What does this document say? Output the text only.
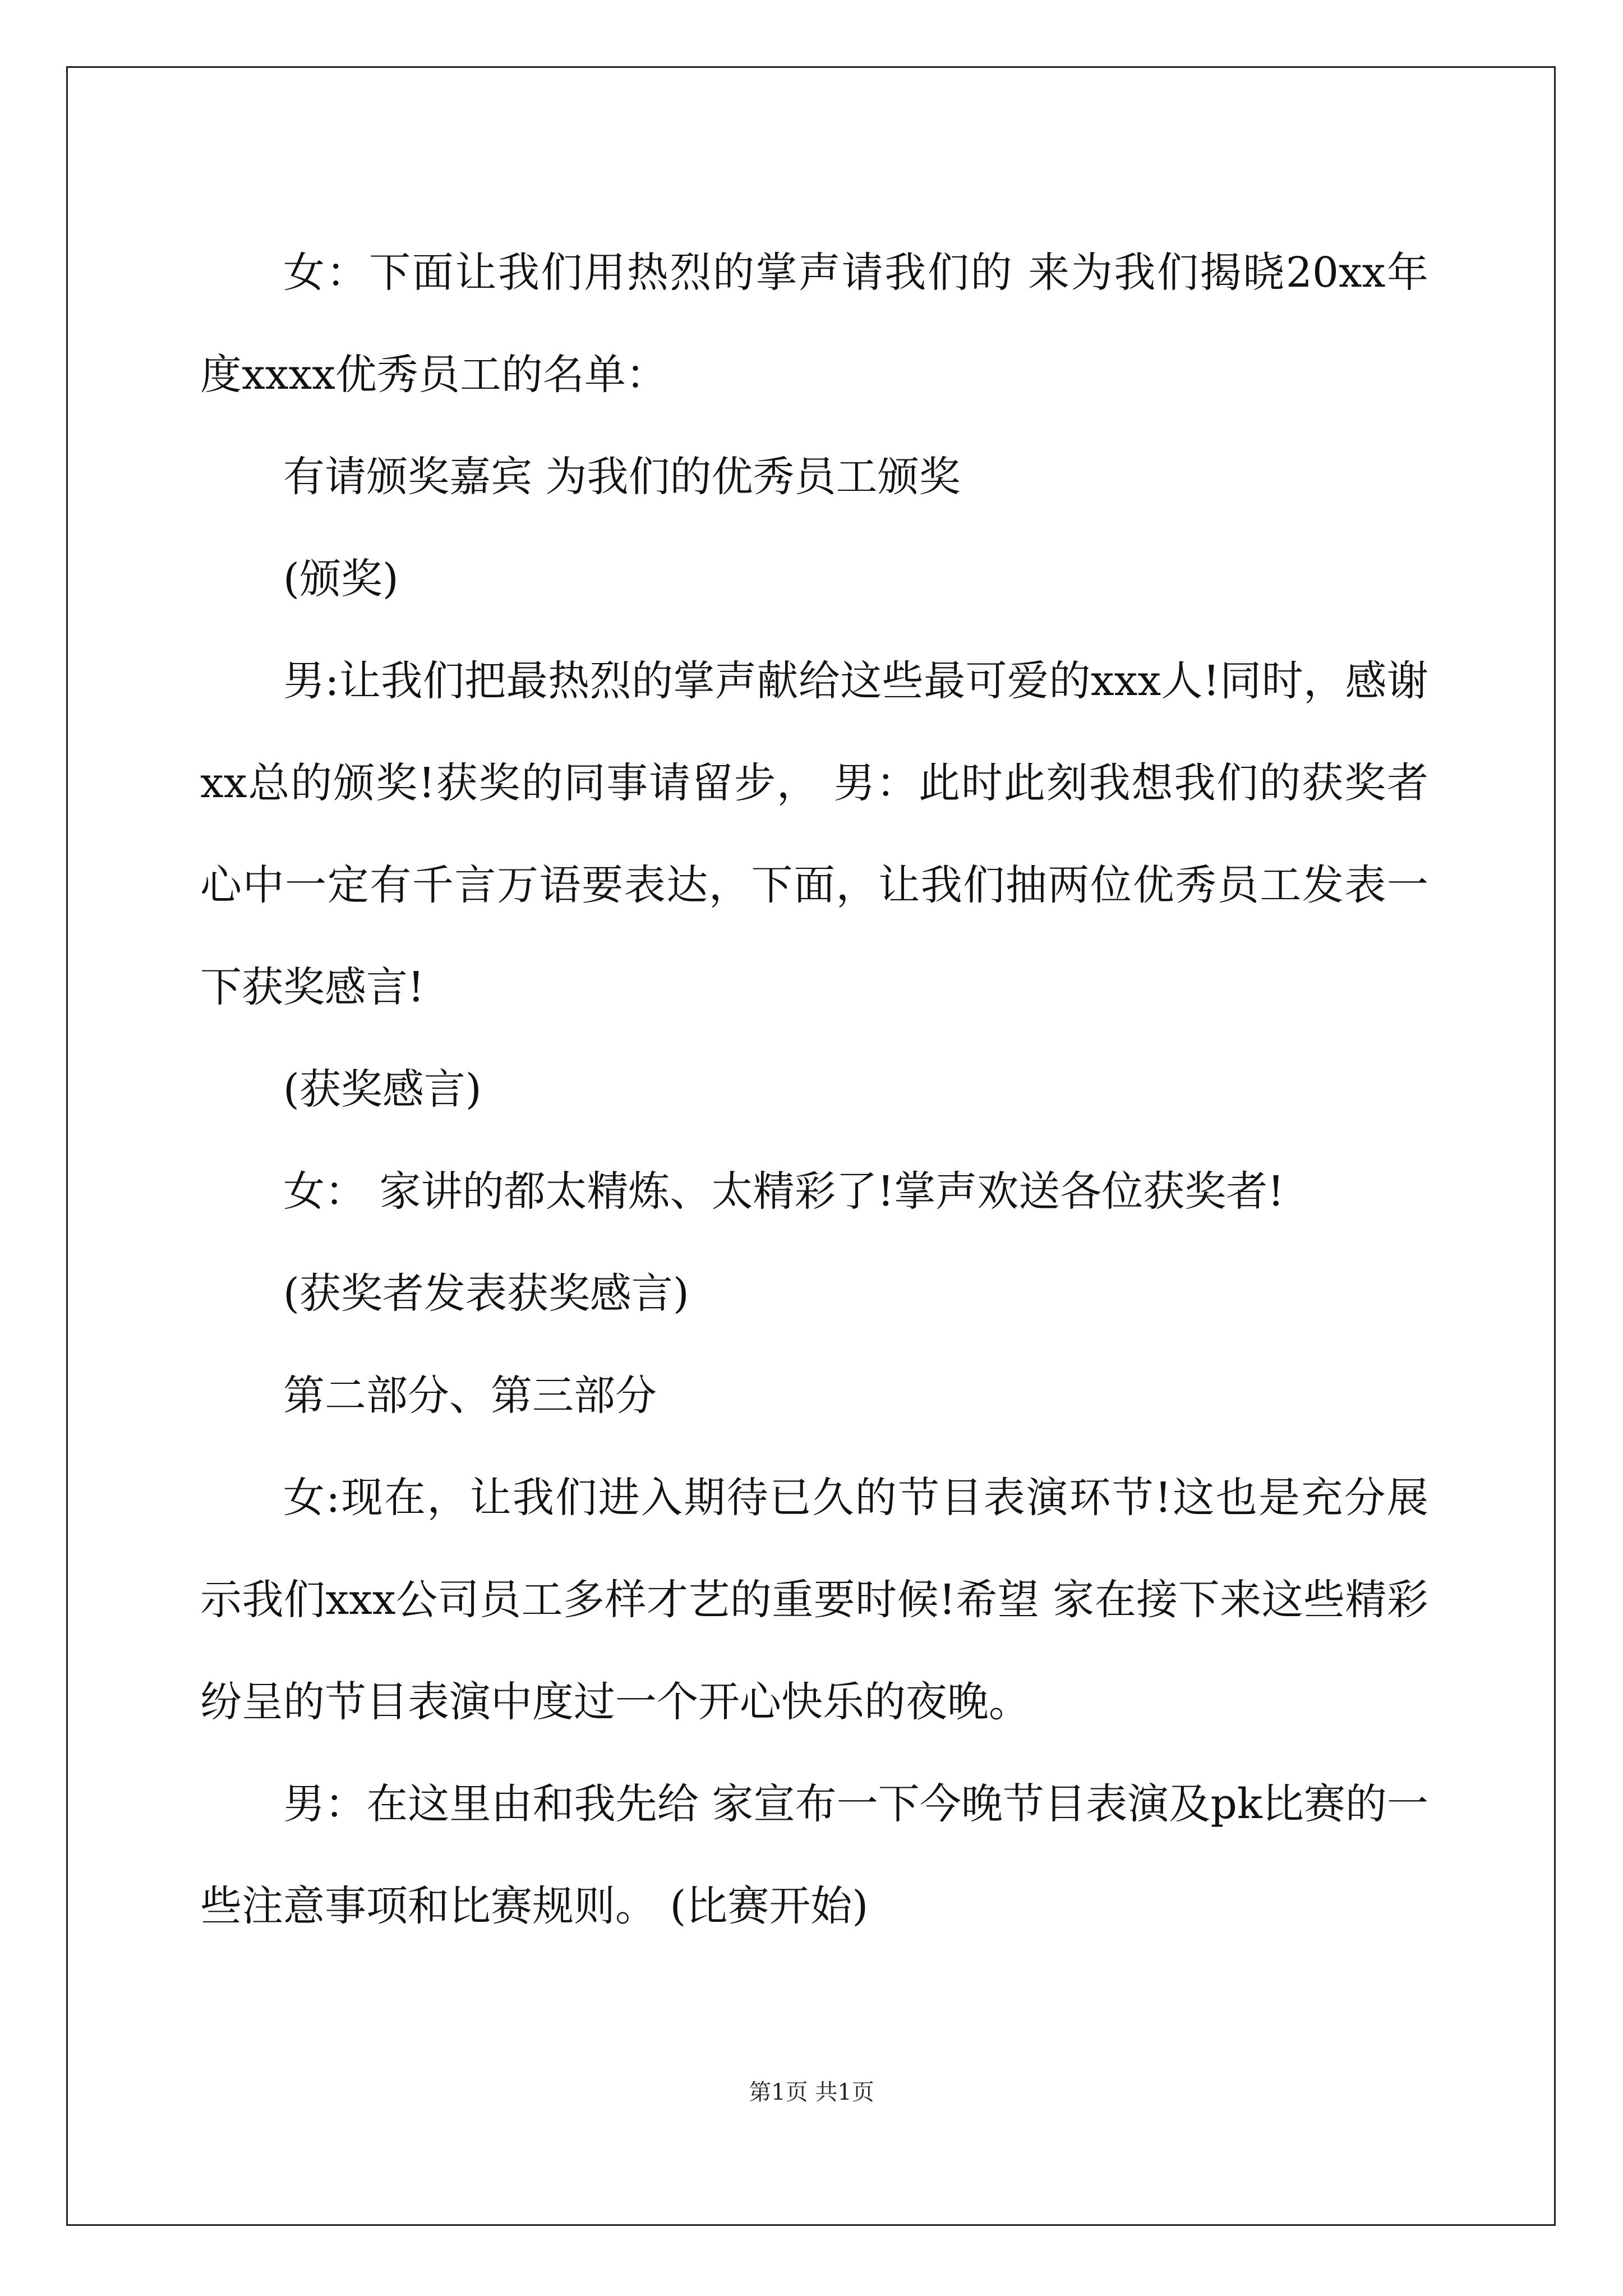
女：下面让我们用热烈的掌声请我们的 来为我们揭晓20xx年度xxxx优秀员工的名单：

有请颁奖嘉宾 为我们的优秀员工颁奖

(颁奖)

男:让我们把最热烈的掌声献给这些最可爱的xxx人!同时，感谢xx总的颁奖!获奖的同事请留步， 男：此时此刻我想我们的获奖者心中一定有千言万语要表达，下面，让我们抽两位优秀员工发表一下获奖感言!

(获奖感言)

女： 家讲的都太精炼、太精彩了!掌声欢送各位获奖者!

(获奖者发表获奖感言)

第二部分、第三部分

女:现在，让我们进入期待已久的节目表演环节!这也是充分展示我们xxx公司员工多样才艺的重要时候!希望 家在接下来这些精彩纷呈的节目表演中度过一个开心快乐的夜晚。

男：在这里由和我先给 家宣布一下今晚节目表演及pk比赛的一些注意事项和比赛规则。 (比赛开始)

第1页 共1页
